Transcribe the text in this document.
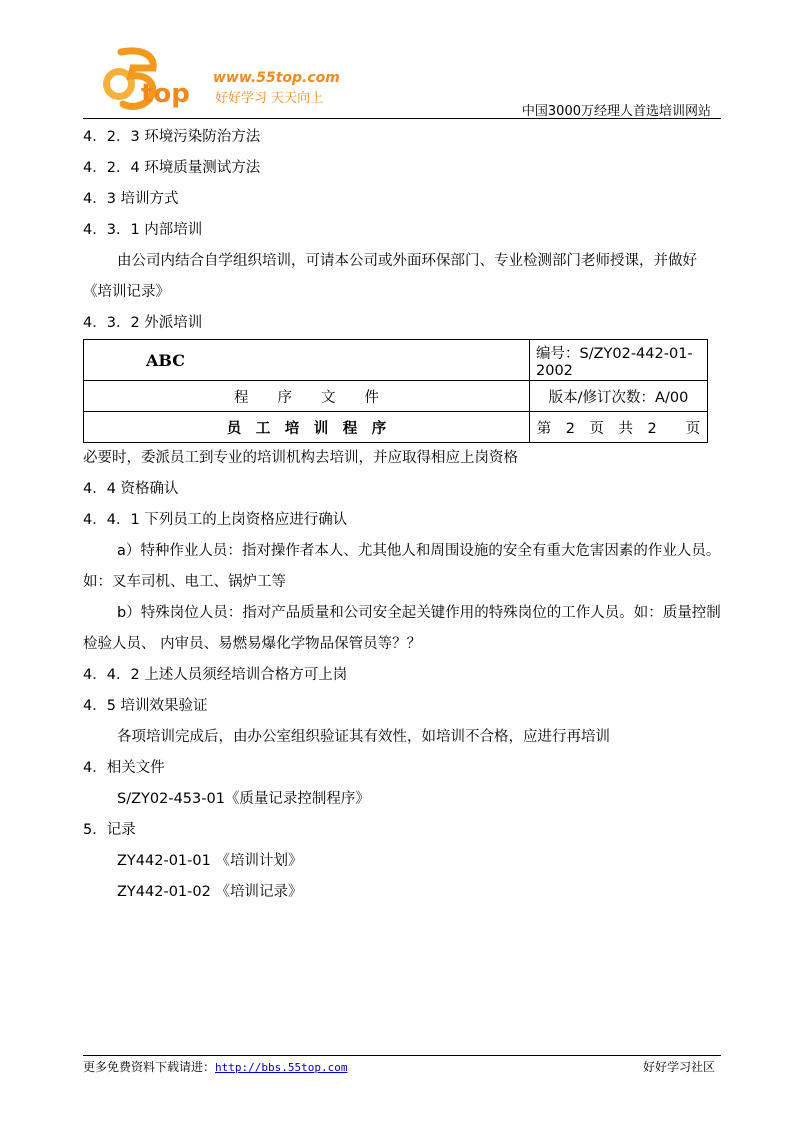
top
www.55top.com
好好学习 天天向上
中国3000万经理人首选培训网站
4．2．3 环境污染防治方法
4．2．4 环境质量测试方法
4．3 培训方式
4．3．1 内部培训
由公司内结合自学组织培训，可请本公司或外面环保部门、专业检测部门老师授课，并做好《培训记录》
4．3．2 外派培训
ABC	编号：S/ZY02-442-01-2002
程　　序　　文　　件	版本/修订次数：A/00
员　工　培　训　程　序	第　2　页　共　2　　页
必要时，委派员工到专业的培训机构去培训，并应取得相应上岗资格
4．4 资格确认
4．4．1 下列员工的上岗资格应进行确认
a）特种作业人员：指对操作者本人、尤其他人和周围设施的安全有重大危害因素的作业人员。如：叉车司机、电工、锅炉工等
b）特殊岗位人员：指对产品质量和公司安全起关键作用的特殊岗位的工作人员。如：质量控制检验人员、 内审员、易燃易爆化学物品保管员等？？
4．4．2 上述人员须经培训合格方可上岗
4．5 培训效果验证
各项培训完成后，由办公室组织验证其有效性，如培训不合格，应进行再培训
4．相关文件
S/ZY02-453-01《质量记录控制程序》
5．记录
ZY442-01-01 《培训计划》
ZY442-01-02 《培训记录》
更多免费资料下载请进：http://bbs.55top.com	好好学习社区
